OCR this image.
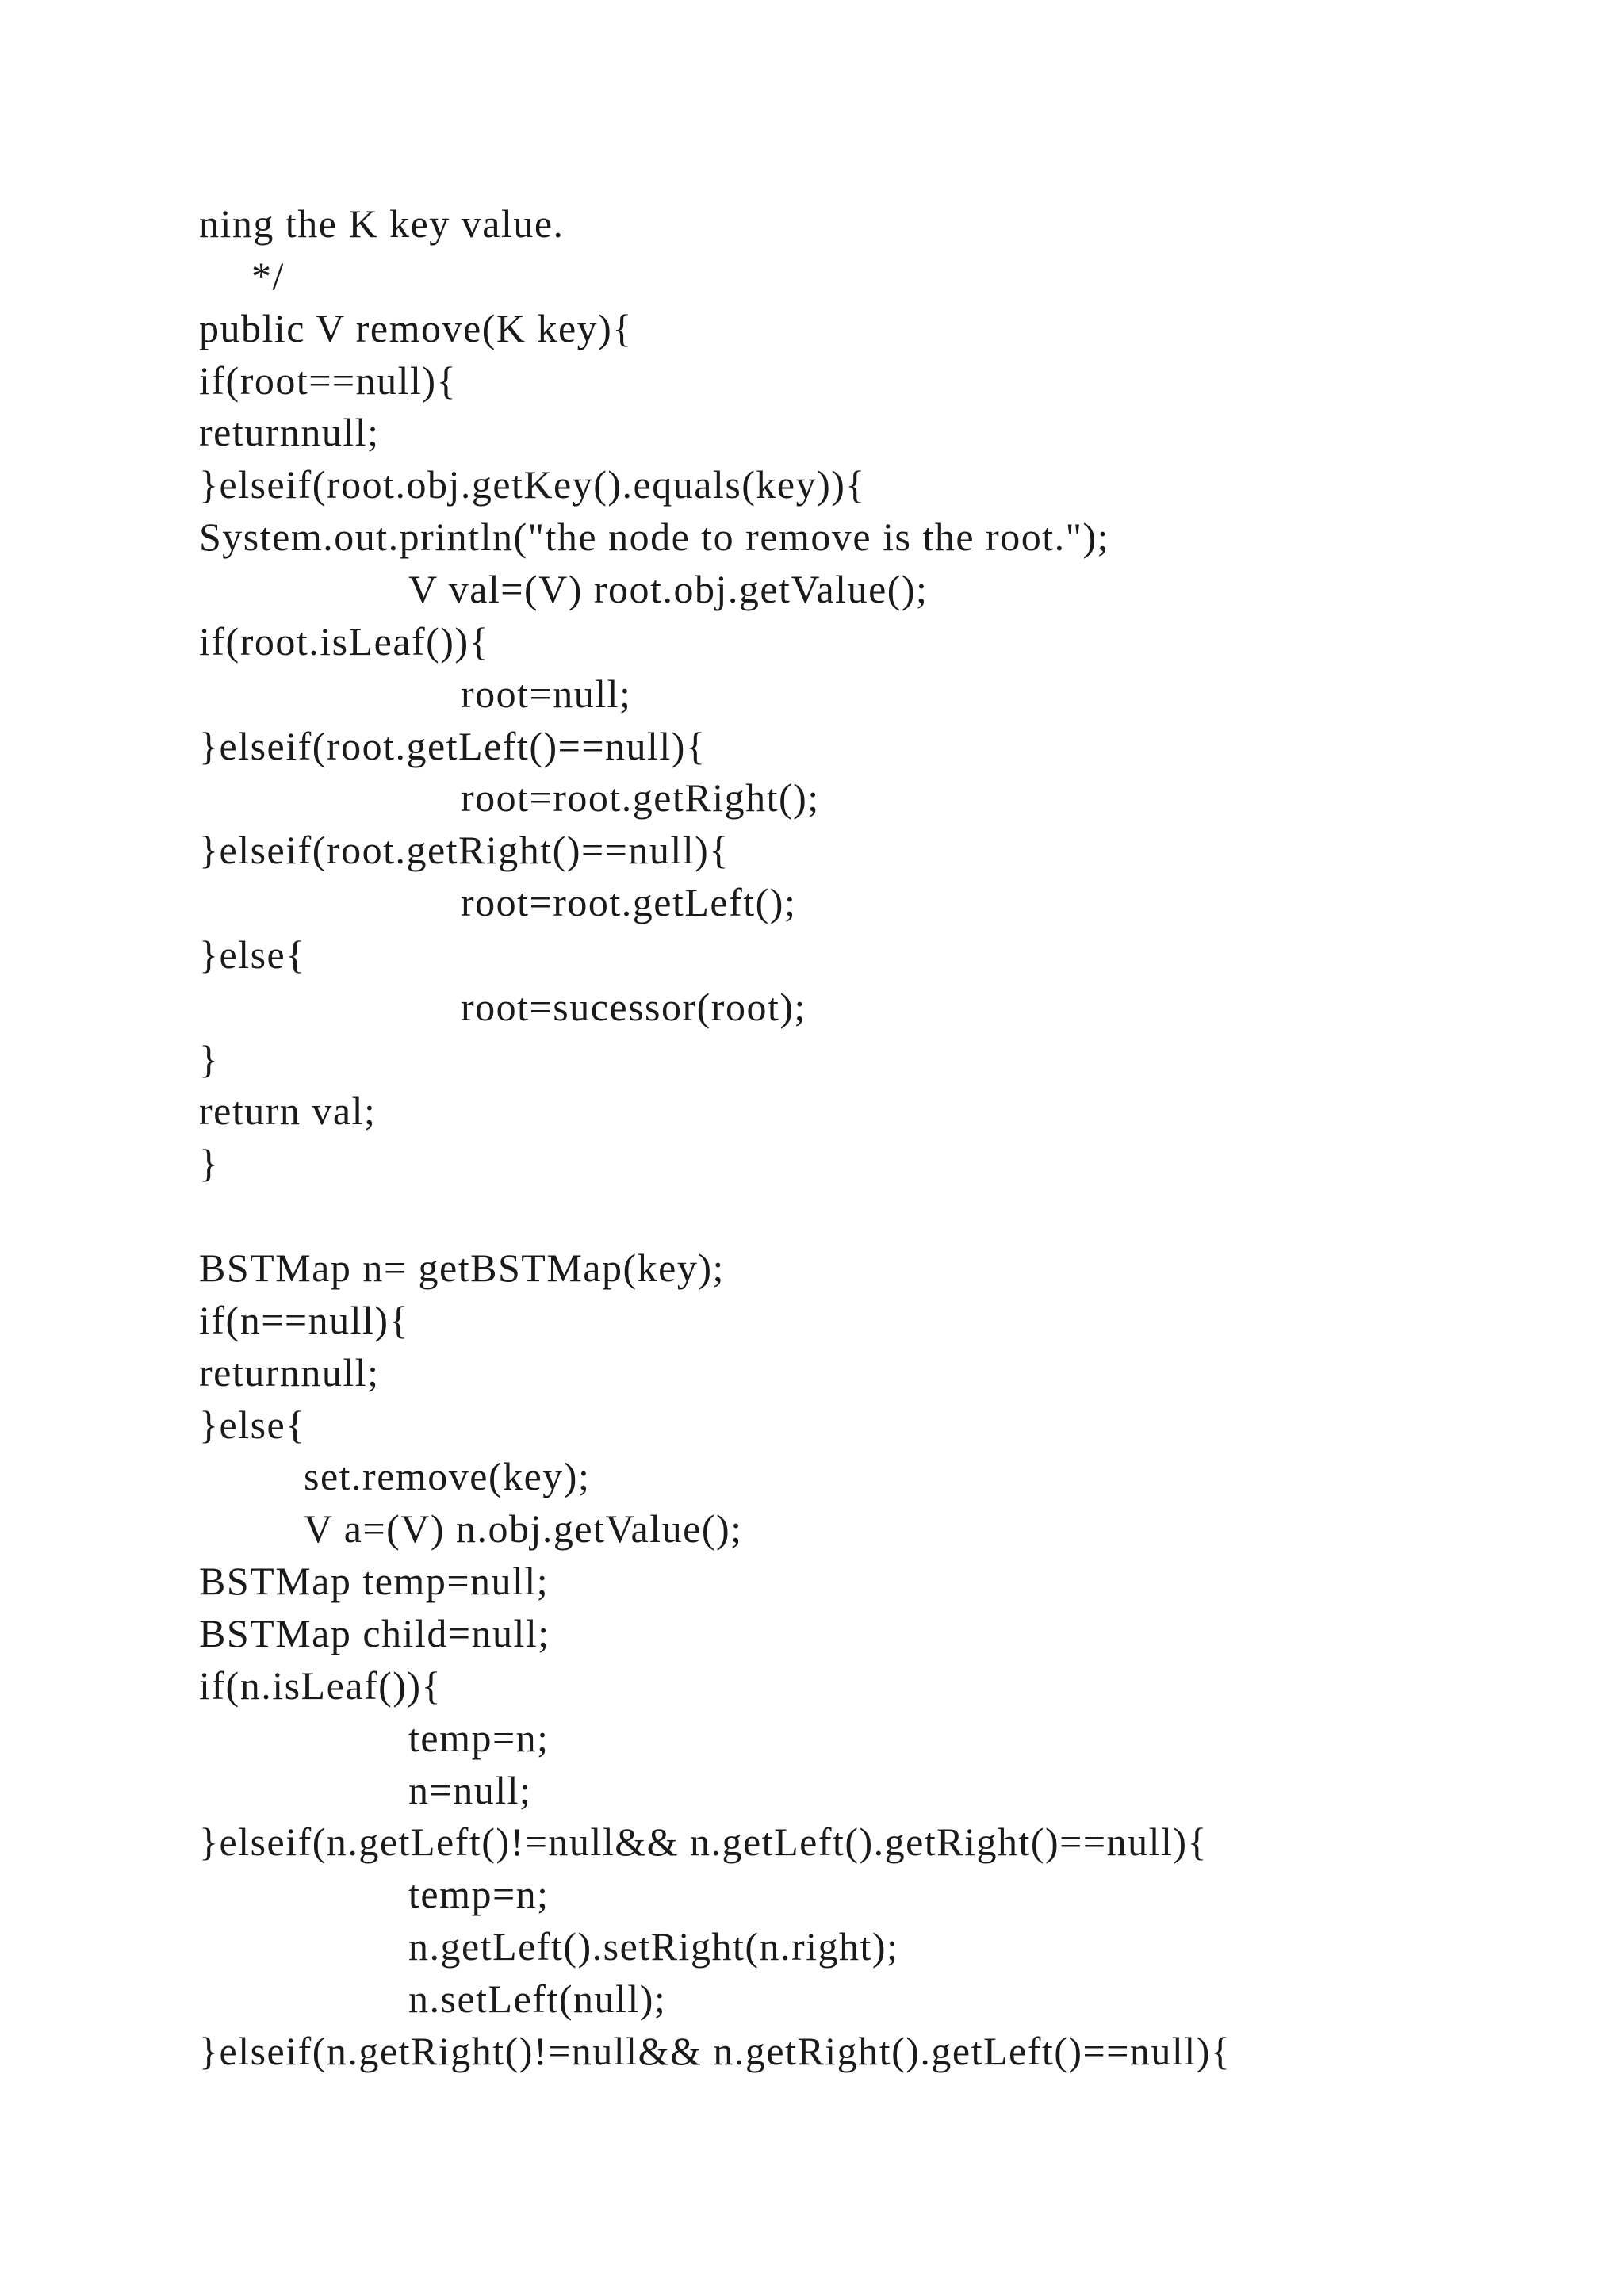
ning the K key value.
*/
public V remove(K key){
if(root==null){
returnnull;
}elseif(root.obj.getKey().equals(key)){
System.out.println("the node to remove is the root.");
V val=(V) root.obj.getValue();
if(root.isLeaf()){
root=null;
}elseif(root.getLeft()==null){
root=root.getRight();
}elseif(root.getRight()==null){
root=root.getLeft();
}else{
root=sucessor(root);
}
return val;
}
BSTMap n= getBSTMap(key);
if(n==null){
returnnull;
}else{
set.remove(key);
V a=(V) n.obj.getValue();
BSTMap temp=null;
BSTMap child=null;
if(n.isLeaf()){
temp=n;
n=null;
}elseif(n.getLeft()!=null&& n.getLeft().getRight()==null){
temp=n;
n.getLeft().setRight(n.right);
n.setLeft(null);
}elseif(n.getRight()!=null&& n.getRight().getLeft()==null){
